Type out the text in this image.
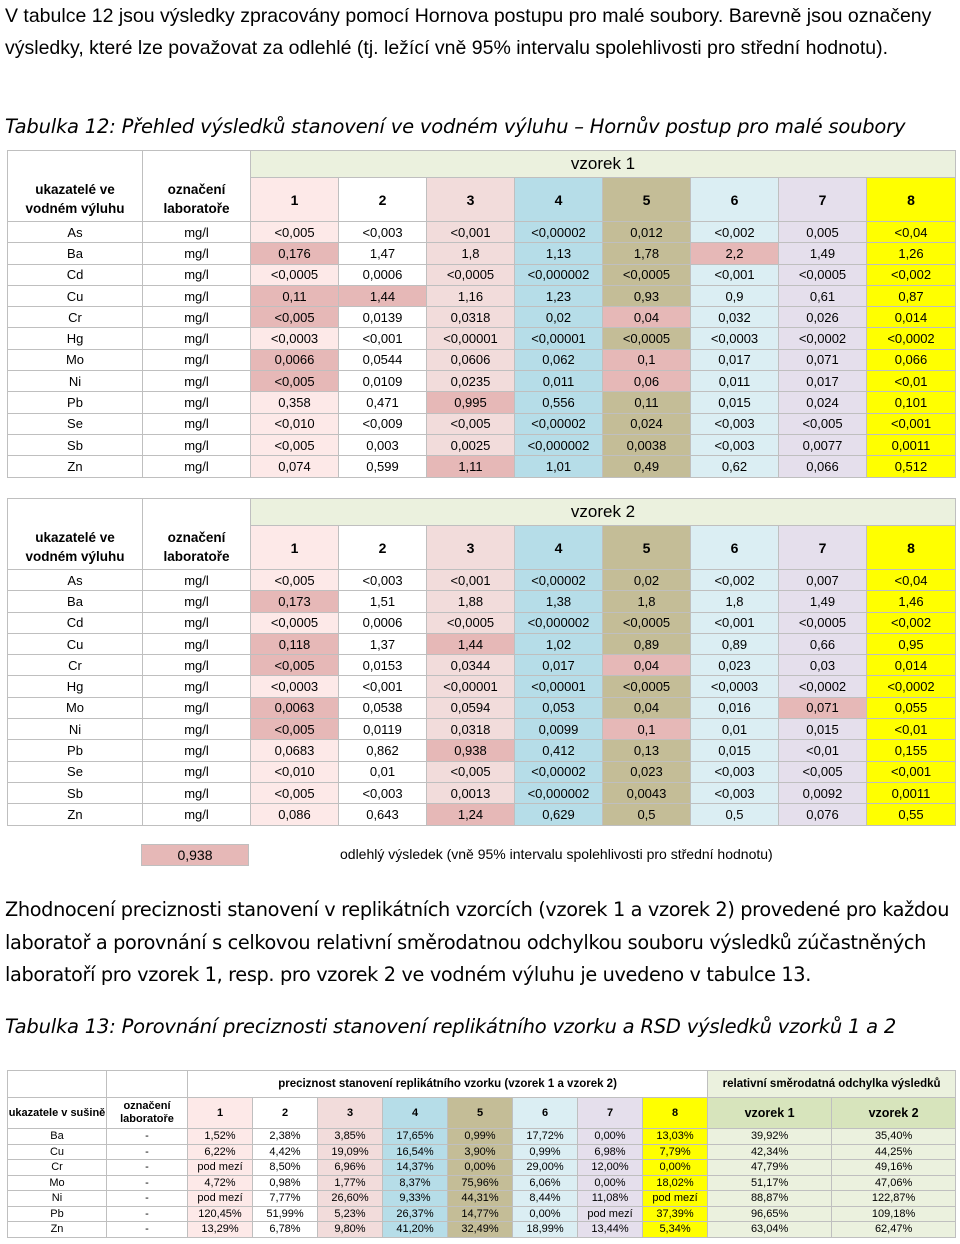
V tabulce 12 jsou výsledky zpracovány pomocí Hornova postupu pro malé soubory. Barevně jsou označeny výsledky, které lze považovat za odlehlé (tj. ležící vně 95% intervalu spolehlivosti pro střední hodnotu).
Tabulka 12: Přehled výsledků stanovení ve vodném výluhu – Hornův postup pro malé soubory
		vzorek 1							
ukazatelé ve vodném výluhu	označení laboratoře	1	2	3	4	5	6	7	8
As	mg/l	<0,005	<0,003	<0,001	<0,00002	0,012	<0,002	0,005	<0,04
Ba	mg/l	0,176	1,47	1,8	1,13	1,78	2,2	1,49	1,26
Cd	mg/l	<0,0005	0,0006	<0,0005	<0,000002	<0,0005	<0,001	<0,0005	<0,002
Cu	mg/l	0,11	1,44	1,16	1,23	0,93	0,9	0,61	0,87
Cr	mg/l	<0,005	0,0139	0,0318	0,02	0,04	0,032	0,026	0,014
Hg	mg/l	<0,0003	<0,001	<0,00001	<0,00001	<0,0005	<0,0003	<0,0002	<0,0002
Mo	mg/l	0,0066	0,0544	0,0606	0,062	0,1	0,017	0,071	0,066
Ni	mg/l	<0,005	0,0109	0,0235	0,011	0,06	0,011	0,017	<0,01
Pb	mg/l	0,358	0,471	0,995	0,556	0,11	0,015	0,024	0,101
Se	mg/l	<0,010	<0,009	<0,005	<0,00002	0,024	<0,003	<0,005	<0,001
Sb	mg/l	<0,005	0,003	0,0025	<0,000002	0,0038	<0,003	0,0077	0,0011
Zn	mg/l	0,074	0,599	1,11	1,01	0,49	0,62	0,066	0,512
		vzorek 2							
ukazatelé ve vodném výluhu	označení laboratoře	1	2	3	4	5	6	7	8
As	mg/l	<0,005	<0,003	<0,001	<0,00002	0,02	<0,002	0,007	<0,04
Ba	mg/l	0,173	1,51	1,88	1,38	1,8	1,8	1,49	1,46
Cd	mg/l	<0,0005	0,0006	<0,0005	<0,000002	<0,0005	<0,001	<0,0005	<0,002
Cu	mg/l	0,118	1,37	1,44	1,02	0,89	0,89	0,66	0,95
Cr	mg/l	<0,005	0,0153	0,0344	0,017	0,04	0,023	0,03	0,014
Hg	mg/l	<0,0003	<0,001	<0,00001	<0,00001	<0,0005	<0,0003	<0,0002	<0,0002
Mo	mg/l	0,0063	0,0538	0,0594	0,053	0,04	0,016	0,071	0,055
Ni	mg/l	<0,005	0,0119	0,0318	0,0099	0,1	0,01	0,015	<0,01
Pb	mg/l	0,0683	0,862	0,938	0,412	0,13	0,015	<0,01	0,155
Se	mg/l	<0,010	0,01	<0,005	<0,00002	0,023	<0,003	<0,005	<0,001
Sb	mg/l	<0,005	<0,003	0,0013	<0,000002	0,0043	<0,003	0,0092	0,0011
Zn	mg/l	0,086	0,643	1,24	0,629	0,5	0,5	0,076	0,55
0,938	odlehlý výsledek (vně 95% intervalu spolehlivosti pro střední hodnotu)
Zhodnocení preciznosti stanovení v replikátních vzorcích (vzorek 1 a vzorek 2) provedené pro každou laboratoř a porovnání s celkovou relativní směrodatnou odchylkou souboru výsledků zúčastněných laboratoří pro vzorek 1, resp. pro vzorek 2 ve vodném výluhu je uvedeno v tabulce 13.
Tabulka 13: Porovnání preciznosti stanovení replikátního vzorku a RSD výsledků vzorků 1 a 2
		preciznost stanovení replikátního vzorku (vzorek 1 a vzorek 2)								relativní směrodatná odchylka výsledků	
ukazatele v sušině	označení laboratoře	1	2	3	4	5	6	7	8	vzorek 1	vzorek 2
Ba	-	1,52%	2,38%	3,85%	17,65%	0,99%	17,72%	0,00%	13,03%	39,92%	35,40%
Cu	-	6,22%	4,42%	19,09%	16,54%	3,90%	0,99%	6,98%	7,79%	42,34%	44,25%
Cr	-	pod mezí	8,50%	6,96%	14,37%	0,00%	29,00%	12,00%	0,00%	47,79%	49,16%
Mo	-	4,72%	0,98%	1,77%	8,37%	75,96%	6,06%	0,00%	18,02%	51,17%	47,06%
Ni	-	pod mezí	7,77%	26,60%	9,33%	44,31%	8,44%	11,08%	pod mezí	88,87%	122,87%
Pb	-	120,45%	51,99%	5,23%	26,37%	14,77%	0,00%	pod mezí	37,39%	96,65%	109,18%
Zn	-	13,29%	6,78%	9,80%	41,20%	32,49%	18,99%	13,44%	5,34%	63,04%	62,47%
